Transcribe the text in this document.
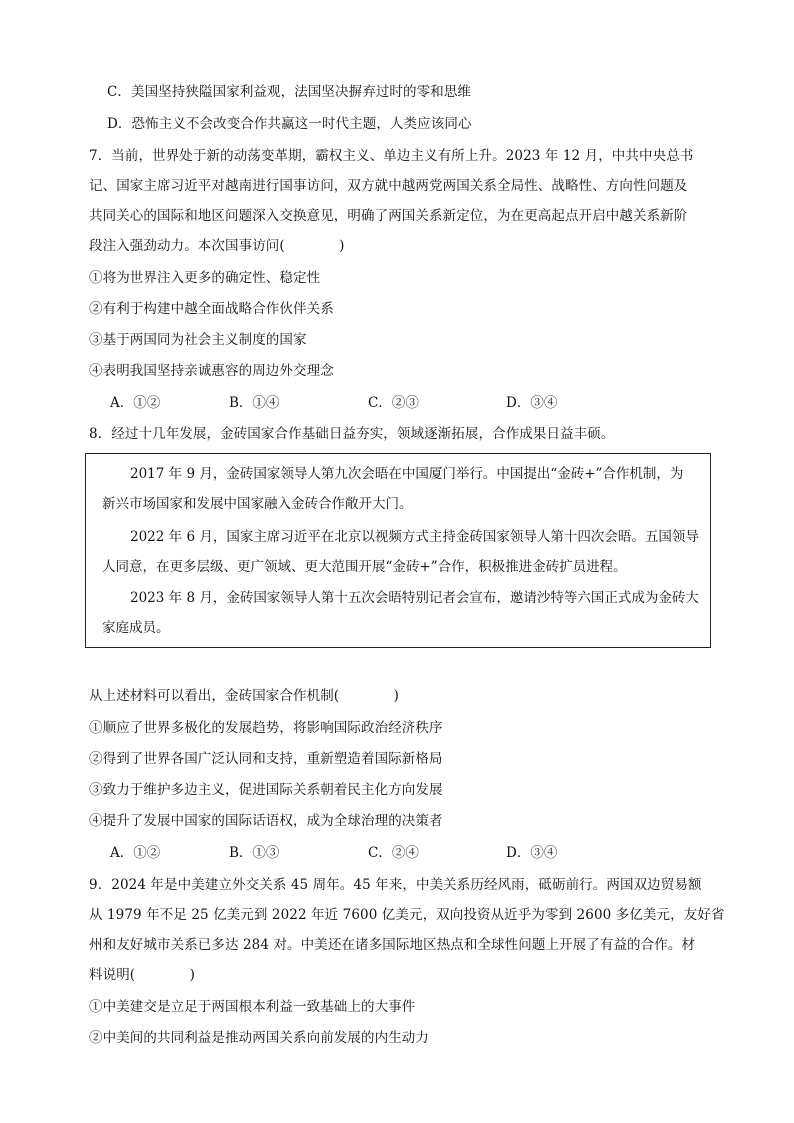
C．美国坚持狭隘国家利益观，法国坚决摒弃过时的零和思维
D．恐怖主义不会改变合作共赢这一时代主题，人类应该同心
7．当前，世界处于新的动荡变革期，霸权主义、单边主义有所上升。2023 年 12 月，中共中央总书
记、国家主席习近平对越南进行国事访问，双方就中越两党两国关系全局性、战略性、方向性问题及
共同关心的国际和地区问题深入交换意见，明确了两国关系新定位，为在更高起点开启中越关系新阶
段注入强劲动力。本次国事访问(　　　　)
①将为世界注入更多的确定性、稳定性
②有利于构建中越全面战略合作伙伴关系
③基于两国同为社会主义制度的国家
④表明我国坚持亲诚惠容的周边外交理念
A．①②	B．①④	C．②③	D．③④
8．经过十几年发展，金砖国家合作基础日益夯实，领域逐渐拓展，合作成果日益丰硕。
2017 年 9 月，金砖国家领导人第九次会晤在中国厦门举行。中国提出“金砖+”合作机制，为
新兴市场国家和发展中国家融入金砖合作敞开大门。
2022 年 6 月，国家主席习近平在北京以视频方式主持金砖国家领导人第十四次会晤。五国领导
人同意，在更多层级、更广领域、更大范围开展“金砖+”合作，积极推进金砖扩员进程。
2023 年 8 月，金砖国家领导人第十五次会晤特别记者会宣布，邀请沙特等六国正式成为金砖大
家庭成员。
从上述材料可以看出，金砖国家合作机制(　　　　)
①顺应了世界多极化的发展趋势，将影响国际政治经济秩序
②得到了世界各国广泛认同和支持，重新塑造着国际新格局
③致力于维护多边主义，促进国际关系朝着民主化方向发展
④提升了发展中国家的国际话语权，成为全球治理的决策者
A．①②	B．①③	C．②④	D．③④
9．2024 年是中美建立外交关系 45 周年。45 年来，中美关系历经风雨，砥砺前行。两国双边贸易额
从 1979 年不足 25 亿美元到 2022 年近 7600 亿美元，双向投资从近乎为零到 2600 多亿美元，友好省
州和友好城市关系已多达 284 对。中美还在诸多国际地区热点和全球性问题上开展了有益的合作。材
料说明(　　　　)
①中美建交是立足于两国根本利益一致基础上的大事件
②中美间的共同利益是推动两国关系向前发展的内生动力
